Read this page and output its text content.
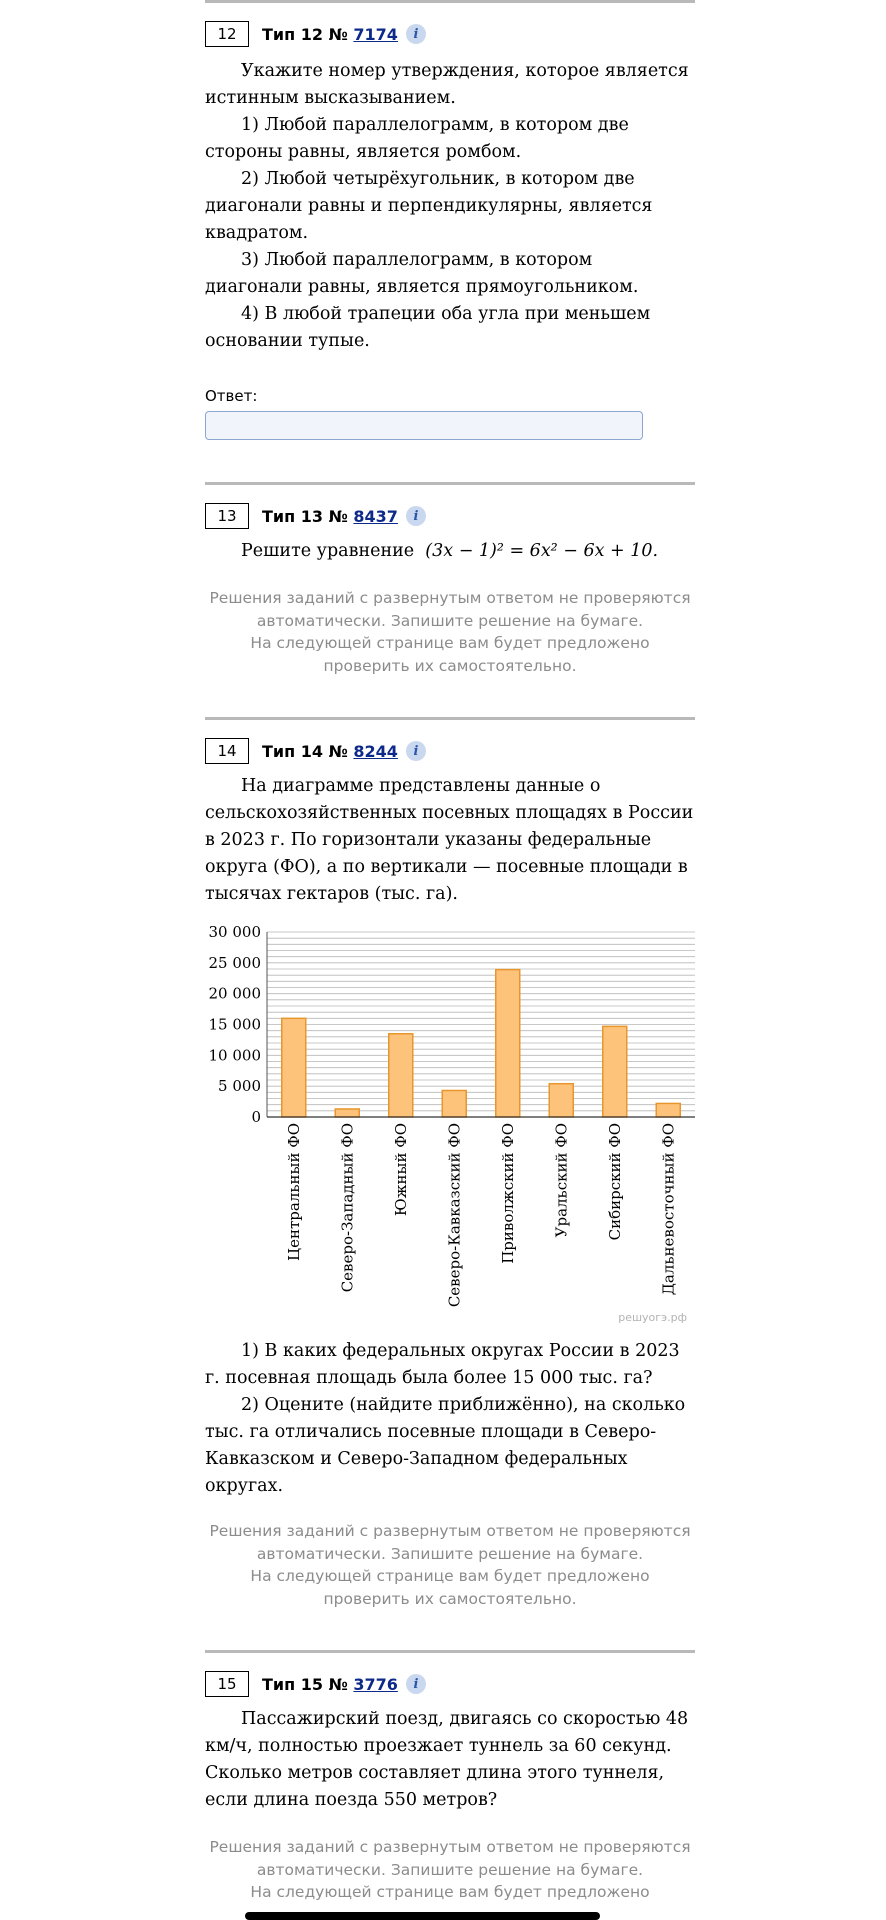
12	Тип 12 № 7174	i

Укажите номер утверждения, которое является истинным высказыванием.

1) Любой параллелограмм, в котором две стороны равны, является ромбом.

2) Любой четырёхугольник, в котором две диагонали равны и перпендикулярны, является квадратом.

3) Любой параллелограмм, в котором диагонали равны, является прямоугольником.

4) В любой трапеции оба угла при меньшем основании тупые.

Ответ:
13	Тип 13 № 8437	i

Решите уравнение (3x − 1)² = 6x² − 6x + 10.

Решения заданий с развернутым ответом не проверяются автоматически. Запишите решение на бумаге.
На следующей странице вам будет предложено проверить их самостоятельно.
14	Тип 14 № 8244	i

На диаграмме представлены данные о сельскохозяйственных посевных площадях в России в 2023 г. По горизонтали указаны федеральные округа (ФО), а по вертикали — посевные площади в тысячах гектаров (тыс. га).

0
5 000
10 000
15 000
20 000
25 000
30 000
Центральный ФО Северо-Западный ФО Южный ФО Северо-Кавказский ФО Приволжский ФО Уральский ФО Сибирский ФО Дальневосточный ФО
решуогэ.рф

1) В каких федеральных округах России в 2023 г. посевная площадь была более 15 000 тыс. га?

2) Оцените (найдите приближённо), на сколько тыс. га отличались посевные площади в Северо-Кавказском и Северо-Западном федеральных округах.

Решения заданий с развернутым ответом не проверяются автоматически. Запишите решение на бумаге.
На следующей странице вам будет предложено проверить их самостоятельно.
15	Тип 15 № 3776	i

Пассажирский поезд, двигаясь со скоростью 48 км/ч, полностью проезжает туннель за 60 секунд. Сколько метров составляет длина этого туннеля, если длина поезда 550 метров?

Решения заданий с развернутым ответом не проверяются автоматически. Запишите решение на бумаге.
На следующей странице вам будет предложено
